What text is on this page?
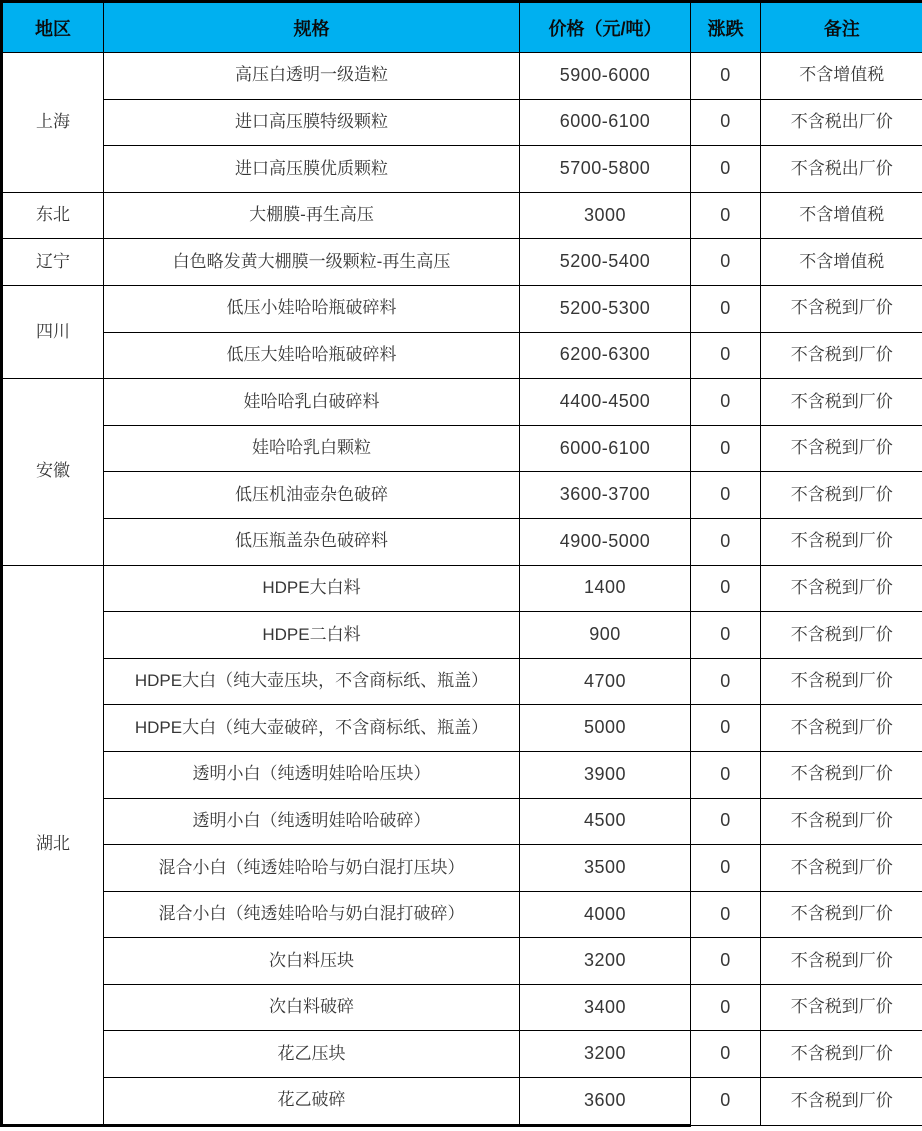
地区	规格	价格（元/吨）	涨跌	备注
上海	高压白透明一级造粒	5900-6000	0	不含增值税
	进口高压膜特级颗粒	6000-6100	0	不含税出厂价
	进口高压膜优质颗粒	5700-5800	0	不含税出厂价
东北	大棚膜-再生高压	3000	0	不含增值税
辽宁	白色略发黄大棚膜一级颗粒-再生高压	5200-5400	0	不含增值税
四川	低压小娃哈哈瓶破碎料	5200-5300	0	不含税到厂价
	低压大娃哈哈瓶破碎料	6200-6300	0	不含税到厂价
安徽	娃哈哈乳白破碎料	4400-4500	0	不含税到厂价
	娃哈哈乳白颗粒	6000-6100	0	不含税到厂价
	低压机油壶杂色破碎	3600-3700	0	不含税到厂价
	低压瓶盖杂色破碎料	4900-5000	0	不含税到厂价
湖北	HDPE大白料	1400	0	不含税到厂价
	HDPE二白料	900	0	不含税到厂价
	HDPE大白（纯大壶压块，不含商标纸、瓶盖）	4700	0	不含税到厂价
	HDPE大白（纯大壶破碎，不含商标纸、瓶盖）	5000	0	不含税到厂价
	透明小白（纯透明娃哈哈压块）	3900	0	不含税到厂价
	透明小白（纯透明娃哈哈破碎）	4500	0	不含税到厂价
	混合小白（纯透娃哈哈与奶白混打压块）	3500	0	不含税到厂价
	混合小白（纯透娃哈哈与奶白混打破碎）	4000	0	不含税到厂价
	次白料压块	3200	0	不含税到厂价
	次白料破碎	3400	0	不含税到厂价
	花乙压块	3200	0	不含税到厂价
	花乙破碎	3600	0	不含税到厂价
